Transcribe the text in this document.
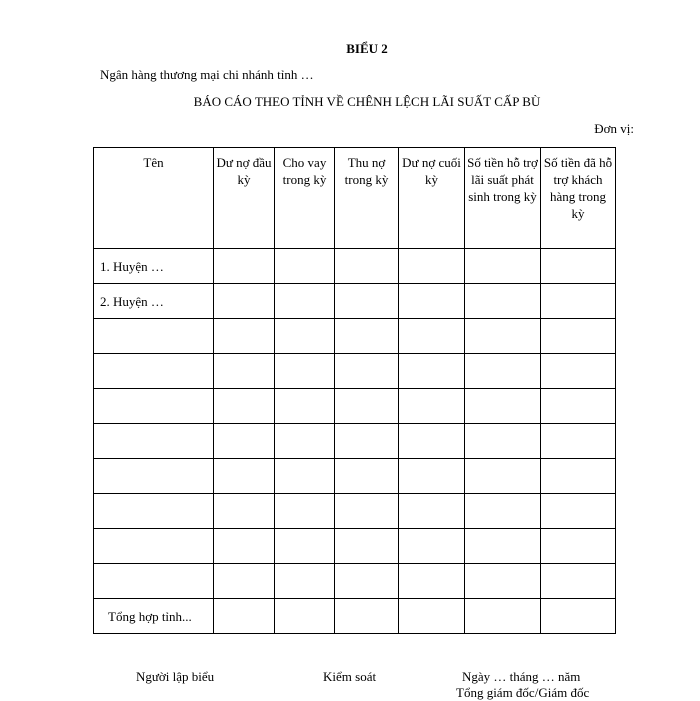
BIỂU 2
Ngân hàng thương mại chi nhánh tỉnh …
BÁO CÁO THEO TỈNH VỀ CHÊNH LỆCH LÃI SUẤT CẤP BÙ
Đơn vị:
Tên	Dư nợ đầu kỳ	Cho vay trong kỳ	Thu nợ trong kỳ	Dư nợ cuối kỳ	Số tiền hỗ trợ lãi suất phát sinh trong kỳ	Số tiền đã hỗ trợ khách hàng trong kỳ
1. Huyện …						
2. Huyện …						

Tổng hợp tỉnh...						
Người lập biểu	Kiểm soát	Ngày … tháng … năm
Tổng giám đốc/Giám đốc
